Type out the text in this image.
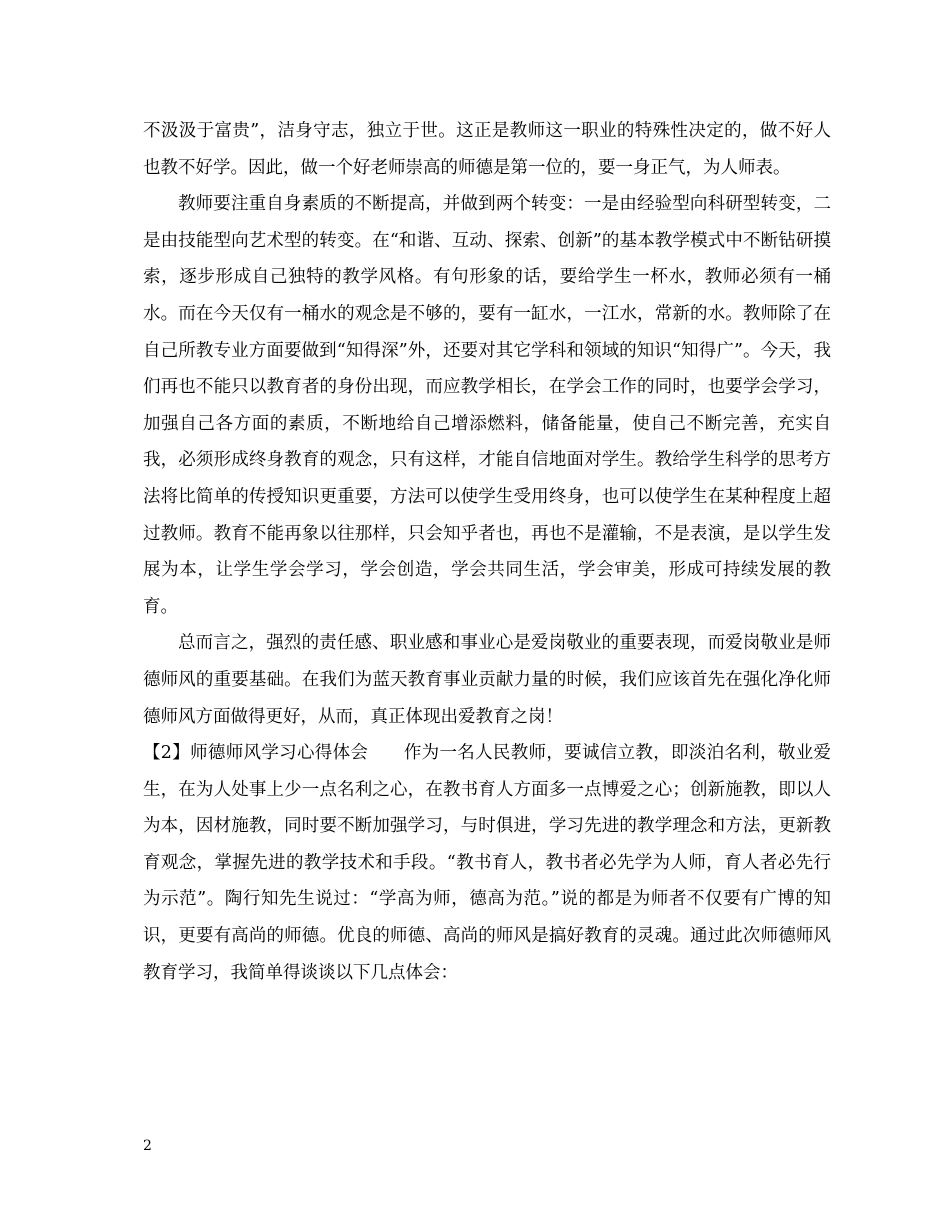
不汲汲于富贵”，洁身守志，独立于世。这正是教师这一职业的特殊性决定的，做不好人也教不好学。因此，做一个好老师崇高的师德是第一位的，要一身正气，为人师表。

教师要注重自身素质的不断提高，并做到两个转变：一是由经验型向科研型转变，二是由技能型向艺术型的转变。在“和谐、互动、探索、创新”的基本教学模式中不断钻研摸索，逐步形成自己独特的教学风格。有句形象的话，要给学生一杯水，教师必须有一桶水。而在今天仅有一桶水的观念是不够的，要有一缸水，一江水，常新的水。教师除了在自己所教专业方面要做到“知得深”外，还要对其它学科和领域的知识“知得广”。今天，我们再也不能只以教育者的身份出现，而应教学相长，在学会工作的同时，也要学会学习，加强自己各方面的素质，不断地给自己增添燃料，储备能量，使自己不断完善，充实自我，必须形成终身教育的观念，只有这样，才能自信地面对学生。教给学生科学的思考方法将比简单的传授知识更重要，方法可以使学生受用终身，也可以使学生在某种程度上超过教师。教育不能再象以往那样，只会知乎者也，再也不是灌输，不是表演，是以学生发展为本，让学生学会学习，学会创造，学会共同生活，学会审美，形成可持续发展的教育。

总而言之，强烈的责任感、职业感和事业心是爱岗敬业的重要表现，而爱岗敬业是师德师风的重要基础。在我们为蓝天教育事业贡献力量的时候，我们应该首先在强化净化师德师风方面做得更好，从而，真正体现出爱教育之岗！

【2】师德师风学习心得体会　　 作为一名人民教师，要诚信立教，即淡泊名利，敬业爱生，在为人处事上少一点名利之心，在教书育人方面多一点博爱之心；创新施教，即以人为本，因材施教，同时要不断加强学习，与时俱进，学习先进的教学理念和方法，更新教育观念，掌握先进的教学技术和手段。“教书育人，教书者必先学为人师，育人者必先行为示范”。陶行知先生说过：“学高为师，德高为范。”说的都是为师者不仅要有广博的知识，更要有高尚的师德。优良的师德、高尚的师风是搞好教育的灵魂。通过此次师德师风教育学习，我简单得谈谈以下几点体会：

2
